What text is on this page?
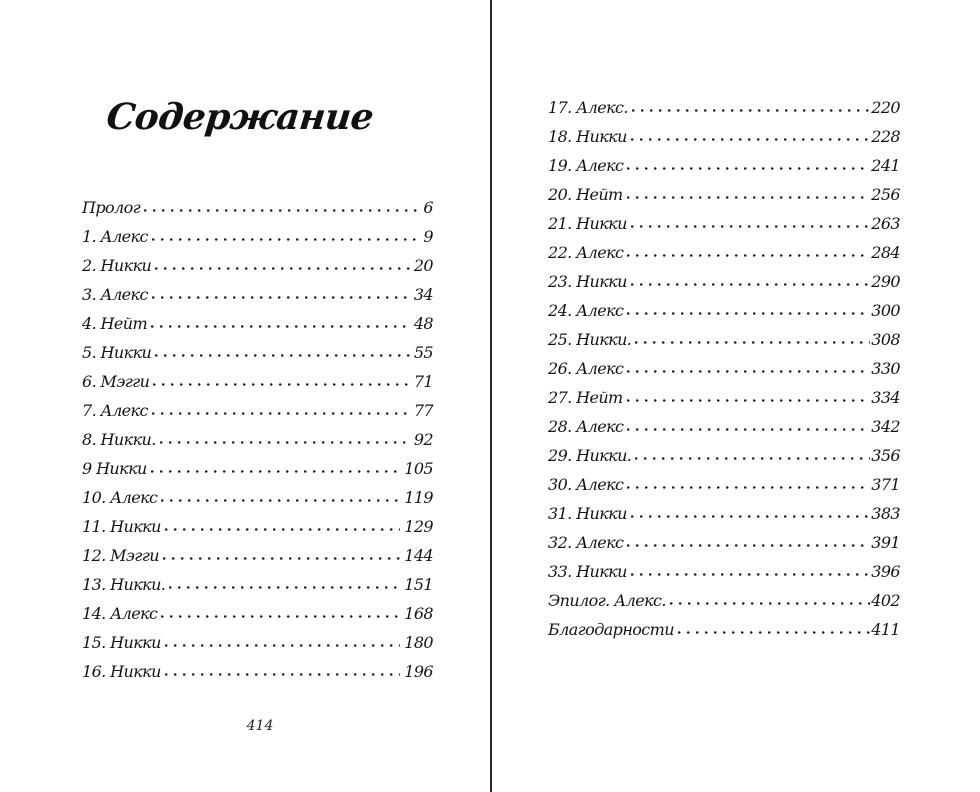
Содержание
Пролог	6
1. Алекс	9
2. Никки	20
3. Алекс	34
4. Нейт	48
5. Никки	55
6. Мэгги	71
7. Алекс	77
8. Никки.	92
9 Никки	105
10. Алекс	119
11. Никки	129
12. Мэгги	144
13. Никки.	151
14. Алекс	168
15. Никки	180
16. Никки	196
414
17. Алекс.	220
18. Никки	228
19. Алекс	241
20. Нейт	256
21. Никки	263
22. Алекс	284
23. Никки	290
24. Алекс	300
25. Никки.	308
26. Алекс	330
27. Нейт	334
28. Алекс	342
29. Никки.	356
30. Алекс	371
31. Никки	383
32. Алекс	391
33. Никки	396
Эпилог. Алекс.	402
Благодарности	411
